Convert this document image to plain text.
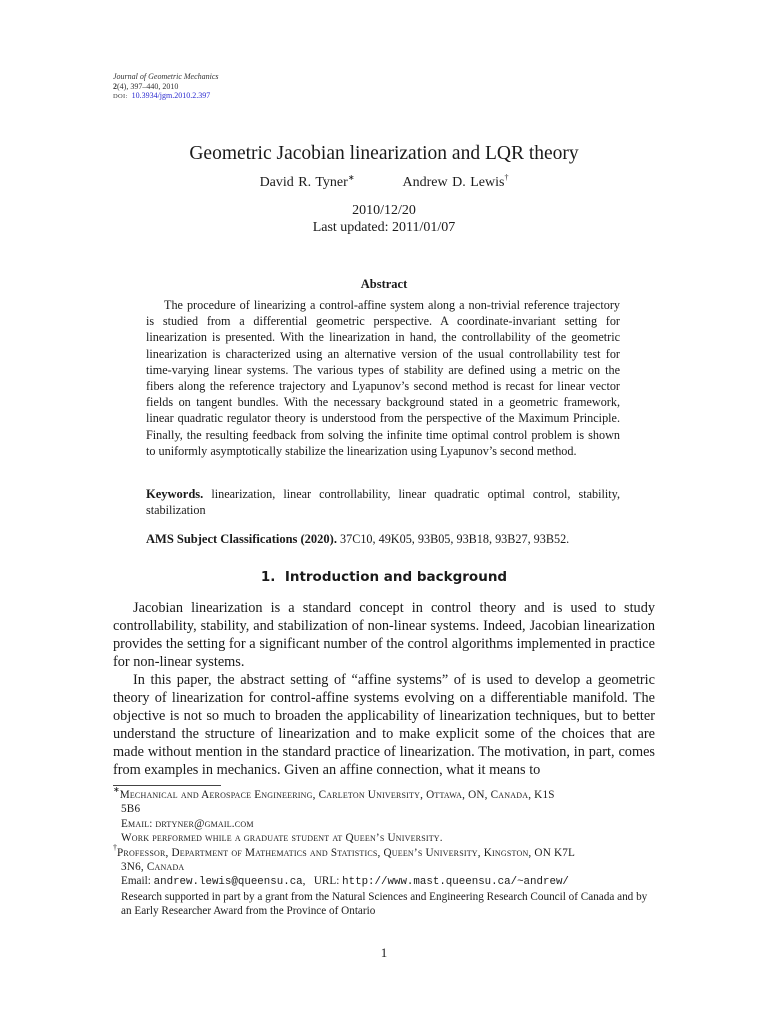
Journal of Geometric Mechanics
2(4), 397–440, 2010
DOI: 10.3934/jgm.2010.2.397
Geometric Jacobian linearization and LQR theory
David R. Tyner∗	Andrew D. Lewis†
2010/12/20
Last updated: 2011/01/07
Abstract

The procedure of linearizing a control-affine system along a non-trivial reference trajectory is studied from a differential geometric perspective. A coordinate-invariant setting for linearization is presented. With the linearization in hand, the controllability of the geometric linearization is characterized using an alternative version of the usual controllability test for time-varying linear systems. The various types of stability are defined using a metric on the fibers along the reference trajectory and Lyapunov’s second method is recast for linear vector fields on tangent bundles. With the necessary background stated in a geometric framework, linear quadratic regulator theory is understood from the perspective of the Maximum Principle. Finally, the resulting feedback from solving the infinite time optimal control problem is shown to uniformly asymptotically stabilize the linearization using Lyapunov’s second method.

Keywords. linearization, linear controllability, linear quadratic optimal control, stability, stabilization

AMS Subject Classifications (2020). 37C10, 49K05, 93B05, 93B18, 93B27, 93B52.

1. Introduction and background

Jacobian linearization is a standard concept in control theory and is used to study controllability, stability, and stabilization of non-linear systems. Indeed, Jacobian linearization provides the setting for a significant number of the control algorithms implemented in practice for non-linear systems.

In this paper, the abstract setting of “affine systems” of is used to develop a geometric theory of linearization for control-affine systems evolving on a differentiable manifold. The objective is not so much to broaden the applicability of linearization techniques, but to better understand the structure of linearization and to make explicit some of the choices that are made without mention in the standard practice of linearization. The motivation, in part, comes from examples in mechanics. Given an affine connection, what it means to

∗Mechanical and Aerospace Engineering, Carleton University, Ottawa, ON, Canada, K1S
5B6
Email: drtyner@gmail.com
Work performed while a graduate student at Queen’s University.
†Professor, Department of Mathematics and Statistics, Queen’s University, Kingston, ON K7L
3N6, Canada
Email: andrew.lewis@queensu.ca,   URL: http://www.mast.queensu.ca/~andrew/
Research supported in part by a grant from the Natural Sciences and Engineering Research Council of Canada and by an Early Researcher Award from the Province of Ontario
1
